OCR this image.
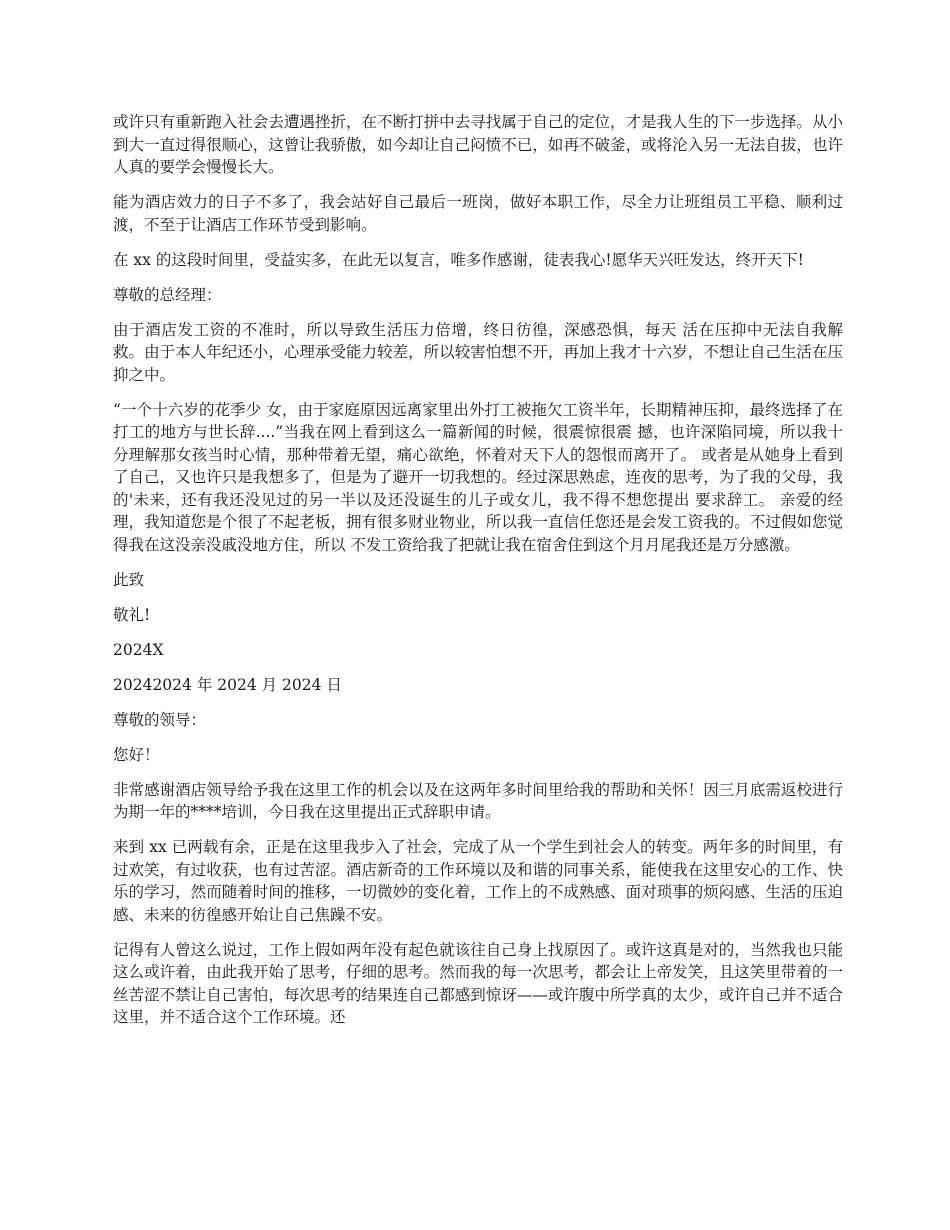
或许只有重新跑入社会去遭遇挫折，在不断打拼中去寻找属于自己的定位，才是我人生的下一步选择。从小到大一直过得很顺心，这曾让我骄傲，如今却让自己闷愤不已，如再不破釜，或将沦入另一无法自拔，也许人真的要学会慢慢长大。

能为酒店效力的日子不多了，我会站好自己最后一班岗，做好本职工作，尽全力让班组员工平稳、顺利过渡，不至于让酒店工作环节受到影响。

在 xx 的这段时间里，受益实多，在此无以复言，唯多作感谢，徒表我心!愿华天兴旺发达，终开天下!

尊敬的总经理：

由于酒店发工资的不准时，所以导致生活压力倍增，终日彷徨，深感恐惧，每天 活在压抑中无法自我解救。由于本人年纪还小，心理承受能力较差，所以较害怕想不开，再加上我才十六岁，不想让自己生活在压抑之中。

“一个十六岁的花季少 女，由于家庭原因远离家里出外打工被拖欠工资半年，长期精神压抑，最终选择了在打工的地方与世长辞....”当我在网上看到这么一篇新闻的时候，很震惊很震 撼，也许深陷同境，所以我十分理解那女孩当时心情，那种带着无望，痛心欲绝，怀着对天下人的怨恨而离开了。 或者是从她身上看到了自己，又也许只是我想多了，但是为了避开一切我想的。经过深思熟虑，连夜的思考，为了我的父母，我的'未来，还有我还没见过的另一半以及还没诞生的儿子或女儿，我不得不想您提出 要求辞工。 亲爱的经理，我知道您是个很了不起老板，拥有很多财业物业，所以我一直信任您还是会发工资我的。不过假如您觉得我在这没亲没戚没地方住，所以 不发工资给我了把就让我在宿舍住到这个月月尾我还是万分感激。

此致

敬礼!

2024X

20242024 年 2024 月 2024 日

尊敬的领导：

您好！

非常感谢酒店领导给予我在这里工作的机会以及在这两年多时间里给我的帮助和关怀！因三月底需返校进行为期一年的****培训，今日我在这里提出正式辞职申请。

来到 xx 已两载有余，正是在这里我步入了社会，完成了从一个学生到社会人的转变。两年多的时间里，有过欢笑，有过收获，也有过苦涩。酒店新奇的工作环境以及和谐的同事关系，能使我在这里安心的工作、快乐的学习，然而随着时间的推移，一切微妙的变化着，工作上的不成熟感、面对琐事的烦闷感、生活的压迫感、未来的彷徨感开始让自己焦躁不安。

记得有人曾这么说过，工作上假如两年没有起色就该往自己身上找原因了。或许这真是对的，当然我也只能这么或许着，由此我开始了思考，仔细的思考。然而我的每一次思考，都会让上帝发笑，且这笑里带着的一丝苦涩不禁让自己害怕，每次思考的结果连自己都感到惊讶——或许腹中所学真的太少，或许自己并不适合这里，并不适合这个工作环境。还
